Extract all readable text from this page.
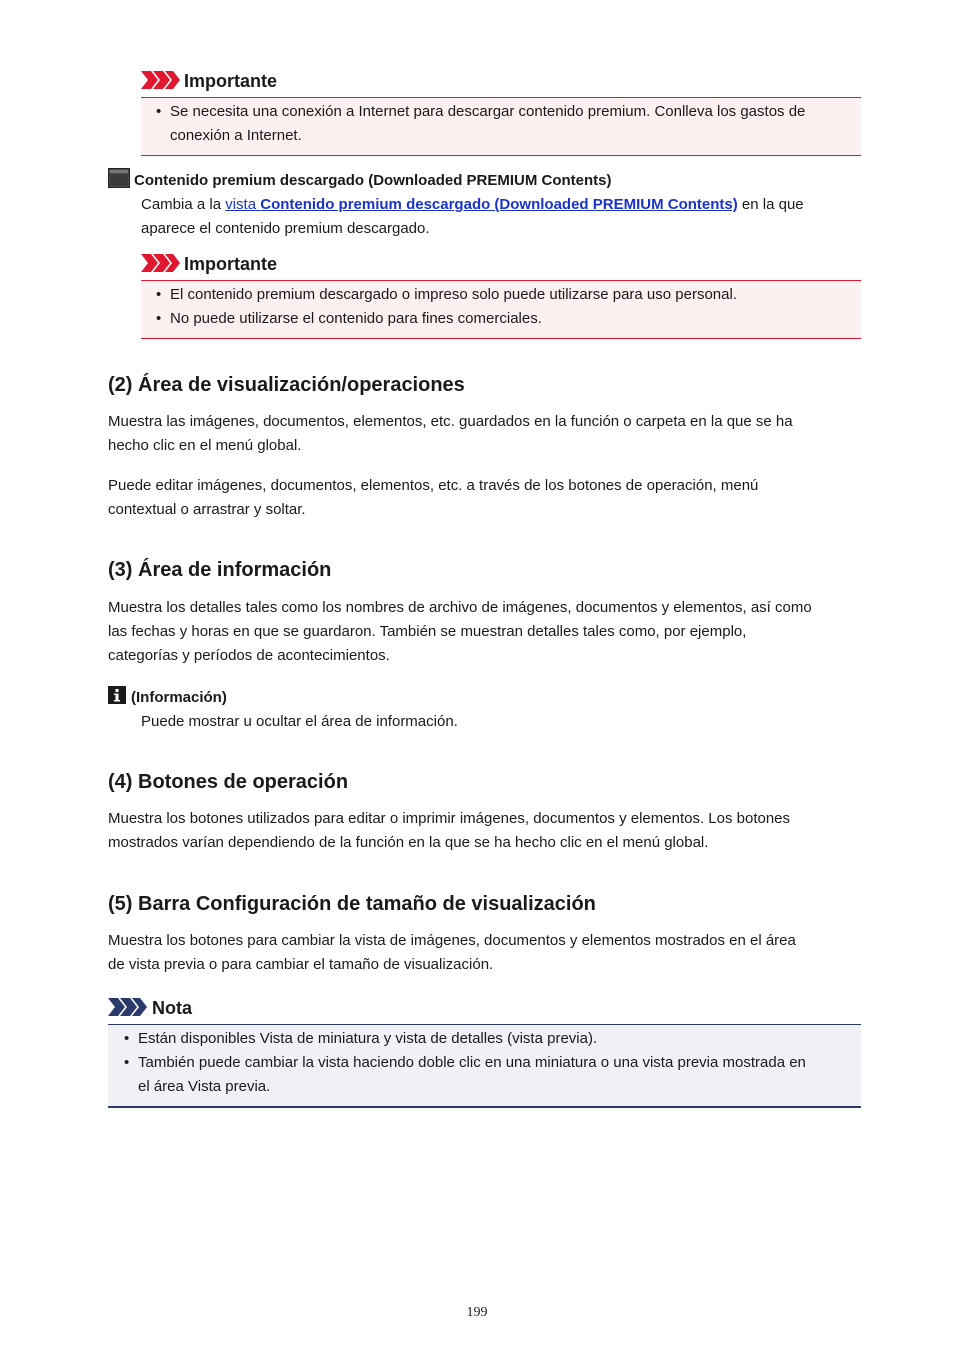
Importante
• Se necesita una conexión a Internet para descargar contenido premium. Conlleva los gastos de
conexión a Internet.
Contenido premium descargado (Downloaded PREMIUM Contents)
Cambia a la vista Contenido premium descargado (Downloaded PREMIUM Contents) en la que
aparece el contenido premium descargado.
Importante
• El contenido premium descargado o impreso solo puede utilizarse para uso personal.
• No puede utilizarse el contenido para fines comerciales.
(2) Área de visualización/operaciones
Muestra las imágenes, documentos, elementos, etc. guardados en la función o carpeta en la que se ha
hecho clic en el menú global.
Puede editar imágenes, documentos, elementos, etc. a través de los botones de operación, menú
contextual o arrastrar y soltar.
(3) Área de información
Muestra los detalles tales como los nombres de archivo de imágenes, documentos y elementos, así como
las fechas y horas en que se guardaron. También se muestran detalles tales como, por ejemplo,
categorías y períodos de acontecimientos.
(Información)
Puede mostrar u ocultar el área de información.
(4) Botones de operación
Muestra los botones utilizados para editar o imprimir imágenes, documentos y elementos. Los botones
mostrados varían dependiendo de la función en la que se ha hecho clic en el menú global.
(5) Barra Configuración de tamaño de visualización
Muestra los botones para cambiar la vista de imágenes, documentos y elementos mostrados en el área
de vista previa o para cambiar el tamaño de visualización.
Nota
• Están disponibles Vista de miniatura y vista de detalles (vista previa).
• También puede cambiar la vista haciendo doble clic en una miniatura o una vista previa mostrada en
el área Vista previa.
199
